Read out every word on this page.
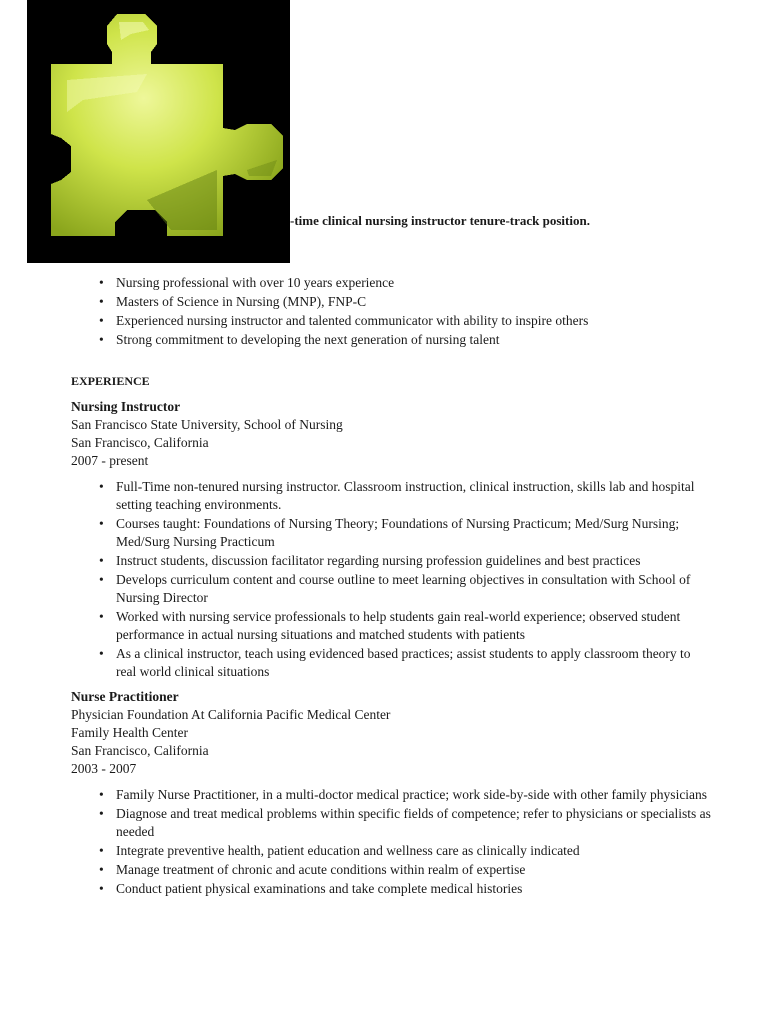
-time clinical nursing instructor tenure-track position.
• Nursing professional with over 10 years experience
• Masters of Science in Nursing (MNP), FNP-C
• Experienced nursing instructor and talented communicator with ability to inspire others
• Strong commitment to developing the next generation of nursing talent
EXPERIENCE
Nursing Instructor
San Francisco State University, School of Nursing
San Francisco, California
2007 - present
• Full-Time non-tenured nursing instructor. Classroom instruction, clinical instruction, skills lab and hospital setting teaching environments.
• Courses taught: Foundations of Nursing Theory; Foundations of Nursing Practicum; Med/Surg Nursing; Med/Surg Nursing Practicum
• Instruct students, discussion facilitator regarding nursing profession guidelines and best practices
• Develops curriculum content and course outline to meet learning objectives in consultation with School of Nursing Director
• Worked with nursing service professionals to help students gain real-world experience; observed student performance in actual nursing situations and matched students with patients
• As a clinical instructor, teach using evidenced based practices; assist students to apply classroom theory to real world clinical situations
Nurse Practitioner
Physician Foundation At California Pacific Medical Center
Family Health Center
San Francisco, California
2003 - 2007
• Family Nurse Practitioner, in a multi-doctor medical practice; work side-by-side with other family physicians
• Diagnose and treat medical problems within specific fields of competence; refer to physicians or specialists as needed
• Integrate preventive health, patient education and wellness care as clinically indicated
• Manage treatment of chronic and acute conditions within realm of expertise
• Conduct patient physical examinations and take complete medical histories
